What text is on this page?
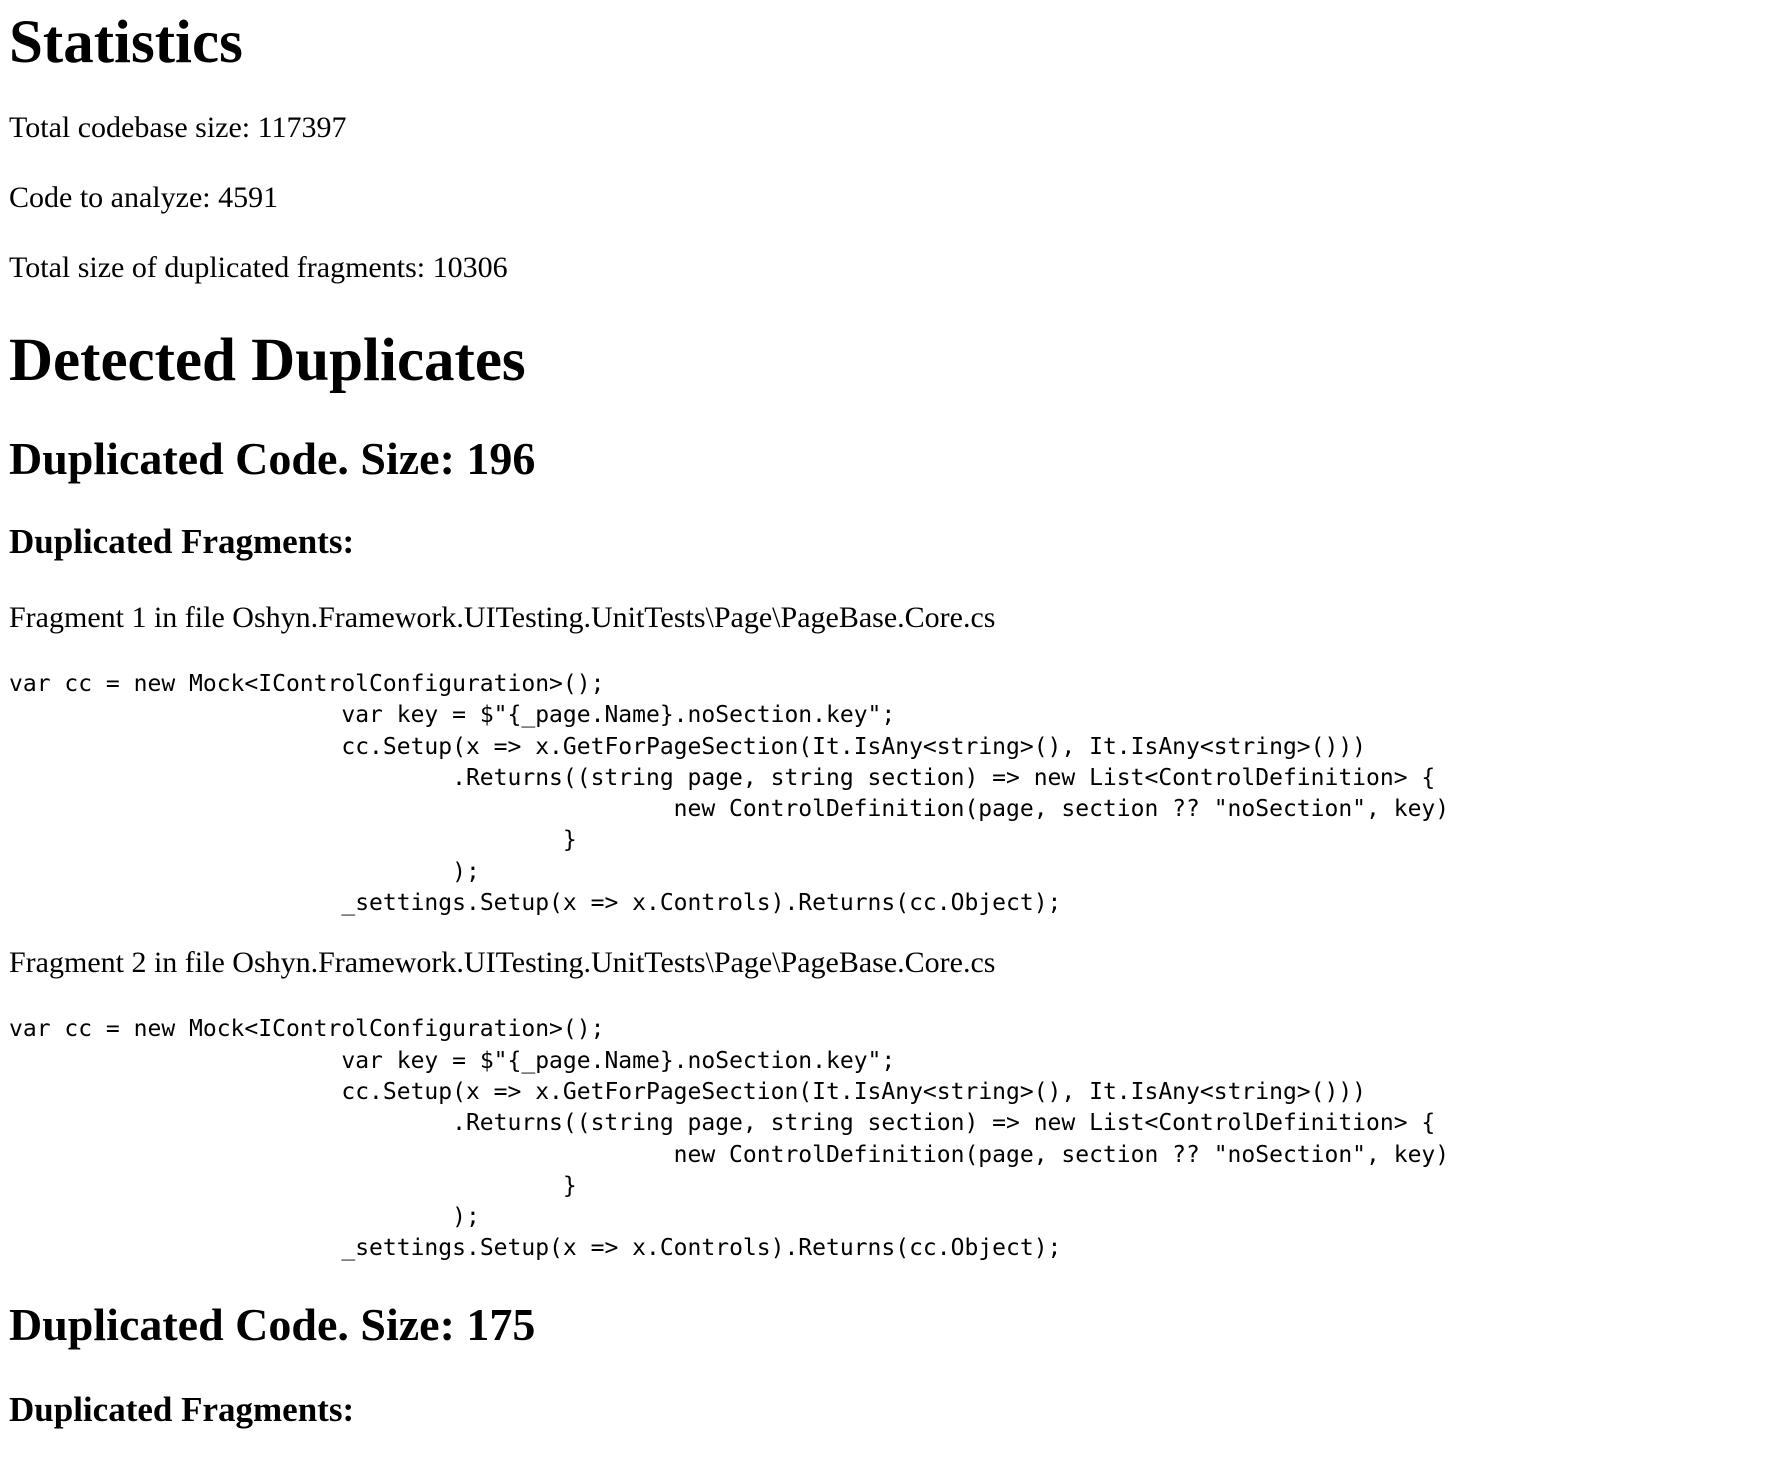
Statistics

Total codebase size: 117397

Code to analyze: 4591

Total size of duplicated fragments: 10306

Detected Duplicates
Duplicated Code. Size: 196
Duplicated Fragments:

Fragment 1 in file Oshyn.Framework.UITesting.UnitTests\Page\PageBase.Core.cs

var cc = new Mock<IControlConfiguration>();
			var key = $"{_page.Name}.noSection.key";
			cc.Setup(x => x.GetForPageSection(It.IsAny<string>(), It.IsAny<string>()))
				.Returns((string page, string section) => new List<ControlDefinition> {
						new ControlDefinition(page, section ?? "noSection", key)
					}
				);
			_settings.Setup(x => x.Controls).Returns(cc.Object);

Fragment 2 in file Oshyn.Framework.UITesting.UnitTests\Page\PageBase.Core.cs

var cc = new Mock<IControlConfiguration>();
			var key = $"{_page.Name}.noSection.key";
			cc.Setup(x => x.GetForPageSection(It.IsAny<string>(), It.IsAny<string>()))
				.Returns((string page, string section) => new List<ControlDefinition> {
						new ControlDefinition(page, section ?? "noSection", key)
					}
				);
			_settings.Setup(x => x.Controls).Returns(cc.Object);
Duplicated Code. Size: 175
Duplicated Fragments:
